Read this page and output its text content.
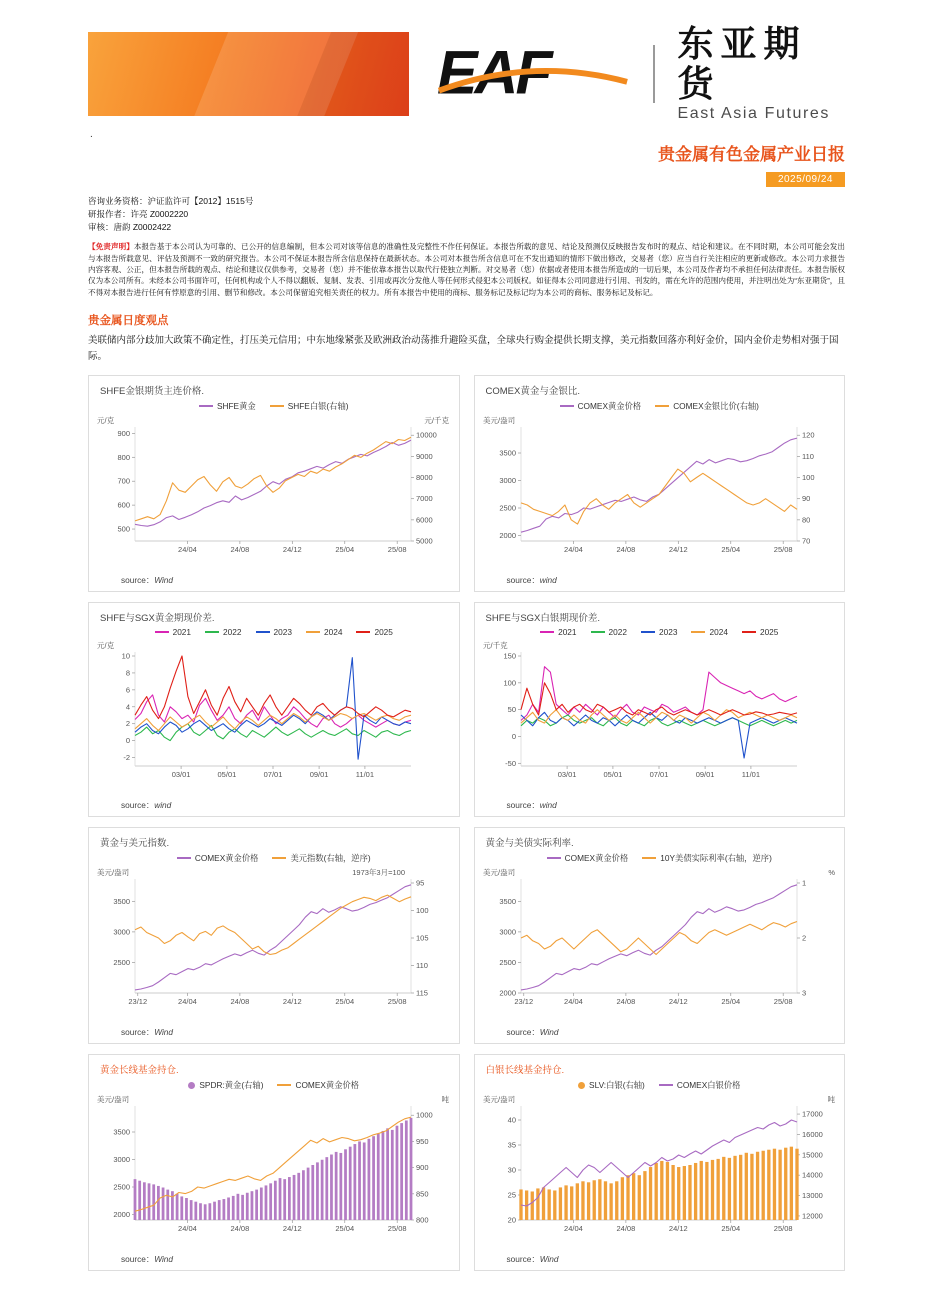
EAF	东亚期货
East Asia Futures
.
贵金属有色金属产业日报
2025/09/24
咨询业务资格：沪证监许可【2012】1515号
研报作者：许亮 Z0002220
审核：唐韵 Z0002422
【免责声明】本报告基于本公司认为可靠的、已公开的信息编制，但本公司对该等信息的准确性及完整性不作任何保证。本报告所载的意见、结论及预测仅反映报告发布时的观点、结论和建议。在不同时期，本公司可能会发出与本报告所载意见、评估及预测不一致的研究报告。本公司不保证本报告所含信息保持在最新状态。本公司对本报告所含信息可在不发出通知的情形下做出修改，交易者（您）应当自行关注相应的更新或修改。本公司力求报告内容客观、公正，但本报告所载的观点、结论和建议仅供参考，交易者（您）并不能依靠本报告以取代行使独立判断。对交易者（您）依据或者使用本报告所造成的一切后果，本公司及作者均不承担任何法律责任。本报告版权仅为本公司所有。未经本公司书面许可，任何机构或个人不得以翻版、复制、发表、引用或再次分发他人等任何形式侵犯本公司版权。如征得本公司同意进行引用、刊发的，需在允许的范围内使用，并注明出处为“东亚期货”，且不得对本报告进行任何有悖原意的引用、删节和修改。本公司保留追究相关责任的权力。所有本报告中使用的商标、服务标记及标记均为本公司的商标、服务标记及标记。
贵金属日度观点
美联储内部分歧加大政策不确定性，打压美元信用；中东地缘紧张及欧洲政治动荡推升避险买盘，全球央行购金提供长期支撑，美元指数回落亦利好金价，国内金价走势相对强于国际。
SHFE金银期货主连价格.
SHFE黄金	SHFE白银(右轴)
500
600
700
800
900
5000
6000
7000
8000
9000
10000
元/克	元/千克
24/04	24/08	24/12	25/04	25/08
source：Wind
COMEX黄金与金银比.
COMEX黄金价格	COMEX金银比价(右轴)
2000
2500
3000
3500
70
80
90
100
110
120
美元/盎司
24/04	24/08	24/12	25/04	25/08
source：wind
SHFE与SGX黄金期现价差.
2021	2022	2023	2024	2025
-2
0
2
4
6
8
10
元/克
03/01	05/01	07/01	09/01	11/01
source：wind
SHFE与SGX白银期现价差.
2021	2022	2023	2024	2025
-50
0
50
100
150
元/千克
03/01	05/01	07/01	09/01	11/01
source：wind
黄金与美元指数.
COMEX黄金价格	美元指数(右轴，逆序)
2500
3000
3500
95
100
105
110
115
美元/盎司	1973年3月=100
23/12	24/04	24/08	24/12	25/04	25/08
source：Wind
黄金与美债实际利率.
COMEX黄金价格	10Y美债实际利率(右轴，逆序)
2000
2500
3000
3500
1
2
3
美元/盎司	%
23/12	24/04	24/08	24/12	25/04	25/08
source：Wind
黄金长线基金持仓.
SPDR:黄金(右轴)	COMEX黄金价格
2000
2500
3000
3500
800
850
900
950
1000
美元/盎司	吨
24/04	24/08	24/12	25/04	25/08
source：Wind
白银长线基金持仓.
SLV:白银(右轴)	COMEX白银价格
20
25
30
35
40
12000
13000
14000
15000
16000
17000
美元/盎司	吨
24/04	24/08	24/12	25/04	25/08
source：Wind
